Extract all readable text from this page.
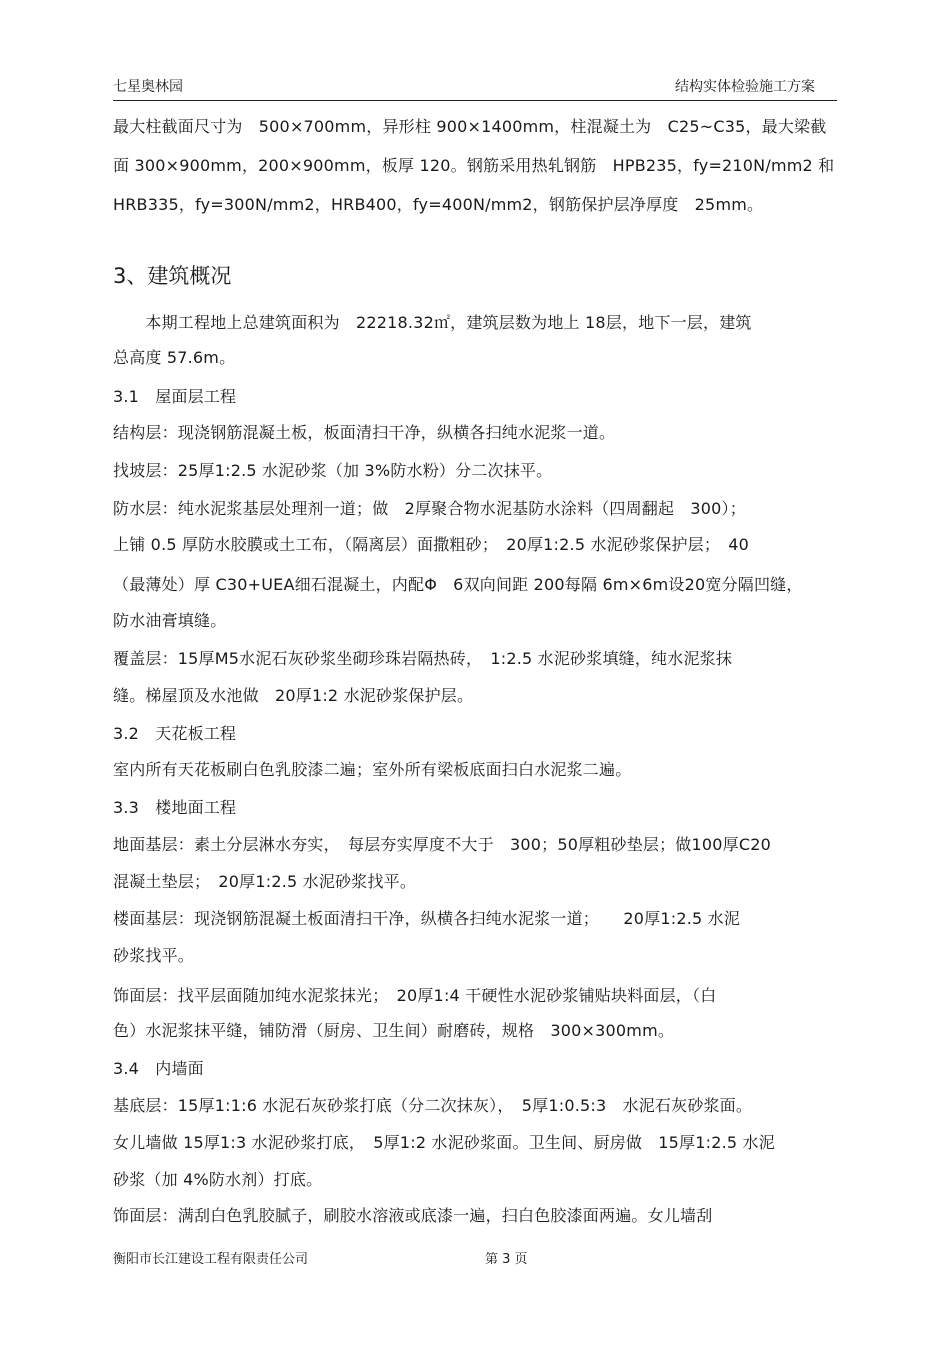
七星奥林园	结构实体检验施工方案

最大柱截面尺寸为　500×700mm，异形柱 900×1400mm，柱混凝土为　C25~C35，最大梁截

面 300×900mm，200×900mm，板厚 120。钢筋采用热轧钢筋　HPB235，fy=210N/mm2 和

HRB335，fy=300N/mm2，HRB400，fy=400N/mm2，钢筋保护层净厚度　25mm。

3、建筑概况

　　本期工程地上总建筑面积为　22218.32㎡，建筑层数为地上 18层，地下一层，建筑

总高度 57.6m。

3.1　屋面层工程

结构层：现浇钢筋混凝土板，板面清扫干净，纵横各扫纯水泥浆一道。

找坡层：25厚1:2.5 水泥砂浆（加 3%防水粉）分二次抹平。

防水层：纯水泥浆基层处理剂一道；做　2厚聚合物水泥基防水涂料（四周翻起　300）；

上铺 0.5 厚防水胶膜或土工布，（隔离层）面撒粗砂；　20厚1:2.5 水泥砂浆保护层；　40

（最薄处）厚 C30+UEA细石混凝土，内配Φ　6双向间距 200每隔 6m×6m设20宽分隔凹缝，

防水油膏填缝。

覆盖层：15厚M5水泥石灰砂浆坐砌珍珠岩隔热砖，　1:2.5 水泥砂浆填缝，纯水泥浆抹

缝。梯屋顶及水池做　20厚1:2 水泥砂浆保护层。

3.2　天花板工程

室内所有天花板刷白色乳胶漆二遍；室外所有梁板底面扫白水泥浆二遍。

3.3　楼地面工程

地面基层：素土分层淋水夯实，　每层夯实厚度不大于　300；50厚粗砂垫层；做100厚C20

混凝土垫层；　20厚1:2.5 水泥砂浆找平。

楼面基层：现浇钢筋混凝土板面清扫干净，纵横各扫纯水泥浆一道；　　20厚1:2.5 水泥

砂浆找平。

饰面层：找平层面随加纯水泥浆抹光；　20厚1:4 干硬性水泥砂浆铺贴块料面层，（白

色）水泥浆抹平缝，铺防滑（厨房、卫生间）耐磨砖，规格　300×300mm。

3.4　内墙面

基底层：15厚1:1:6 水泥石灰砂浆打底（分二次抹灰），　5厚1:0.5:3　水泥石灰砂浆面。

女儿墙做 15厚1:3 水泥砂浆打底，　5厚1:2 水泥砂浆面。卫生间、厨房做　15厚1:2.5 水泥

砂浆（加 4%防水剂）打底。

饰面层：满刮白色乳胶腻子，刷胶水溶液或底漆一遍，扫白色胶漆面两遍。女儿墙刮

衡阳市长江建设工程有限责任公司	第 3 页
